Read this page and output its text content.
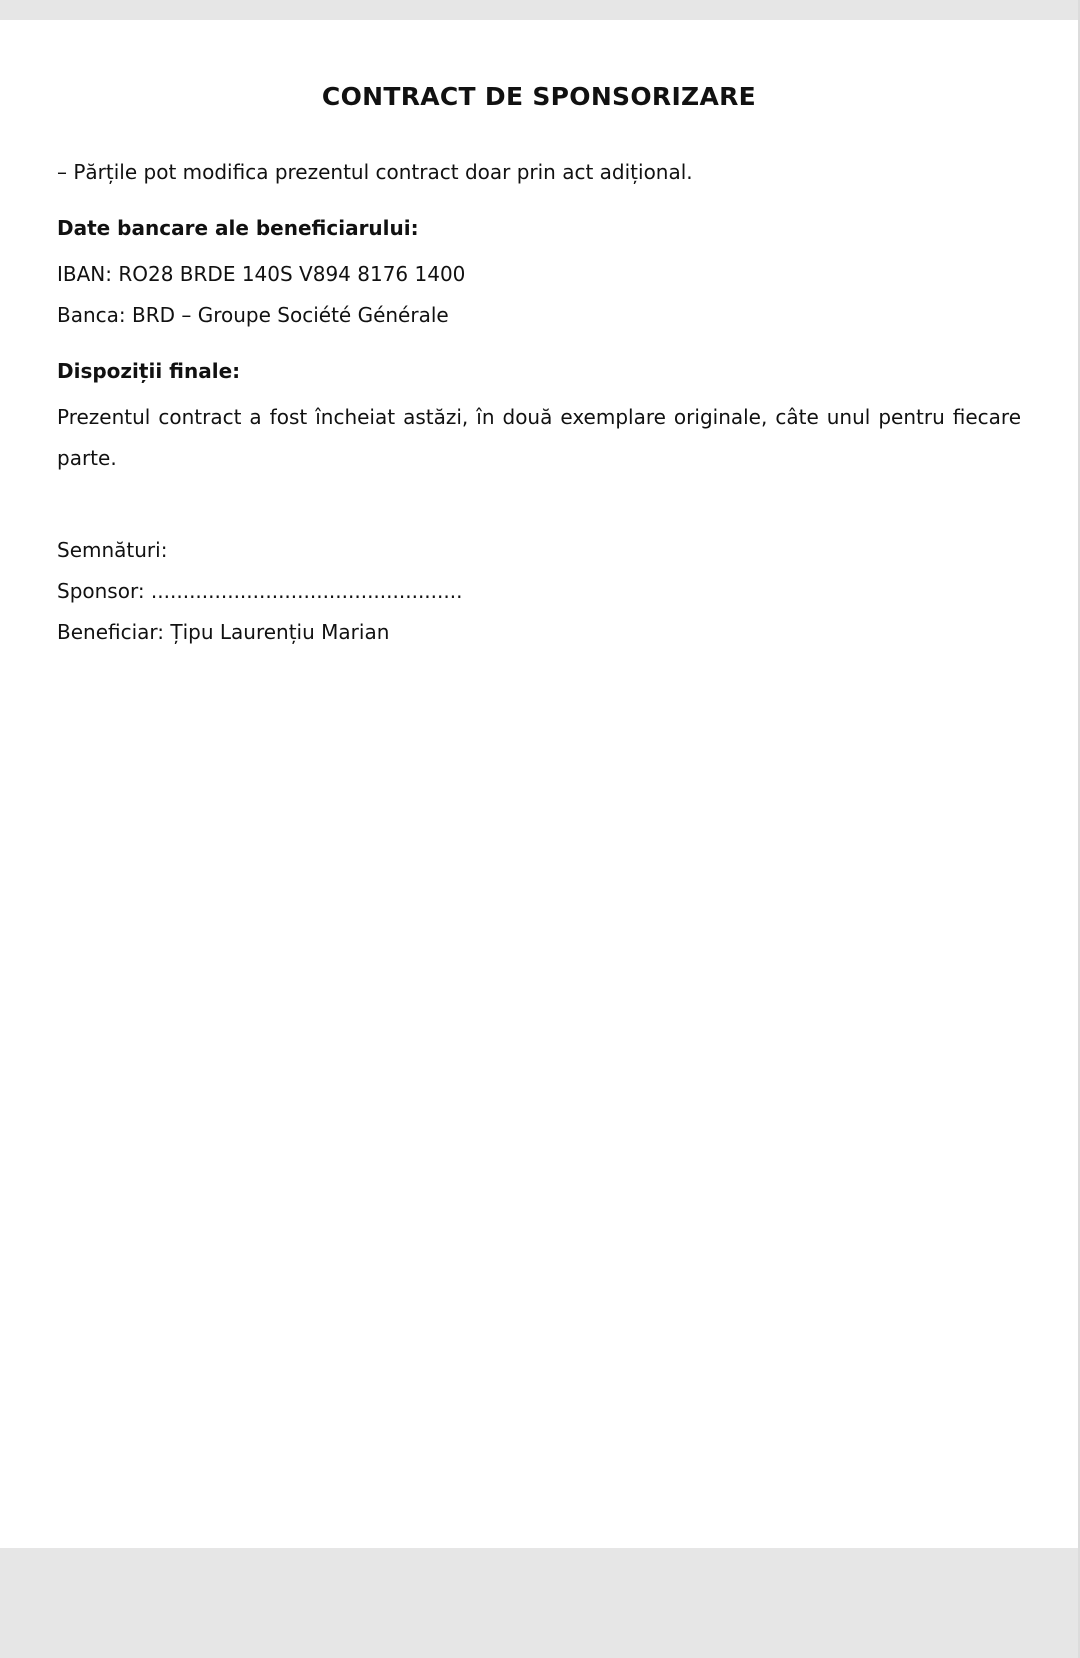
CONTRACT DE SPONSORIZARE

– Părțile pot modifica prezentul contract doar prin act adițional.

Date bancare ale beneficiarului:

IBAN: RO28 BRDE 140S V894 8176 1400

Banca: BRD – Groupe Société Générale

Dispoziții finale:

Prezentul contract a fost încheiat astăzi, în două exemplare originale, câte unul pentru fiecare parte.

Semnături:

Sponsor: .................................................

Beneficiar: Țipu Laurențiu Marian
